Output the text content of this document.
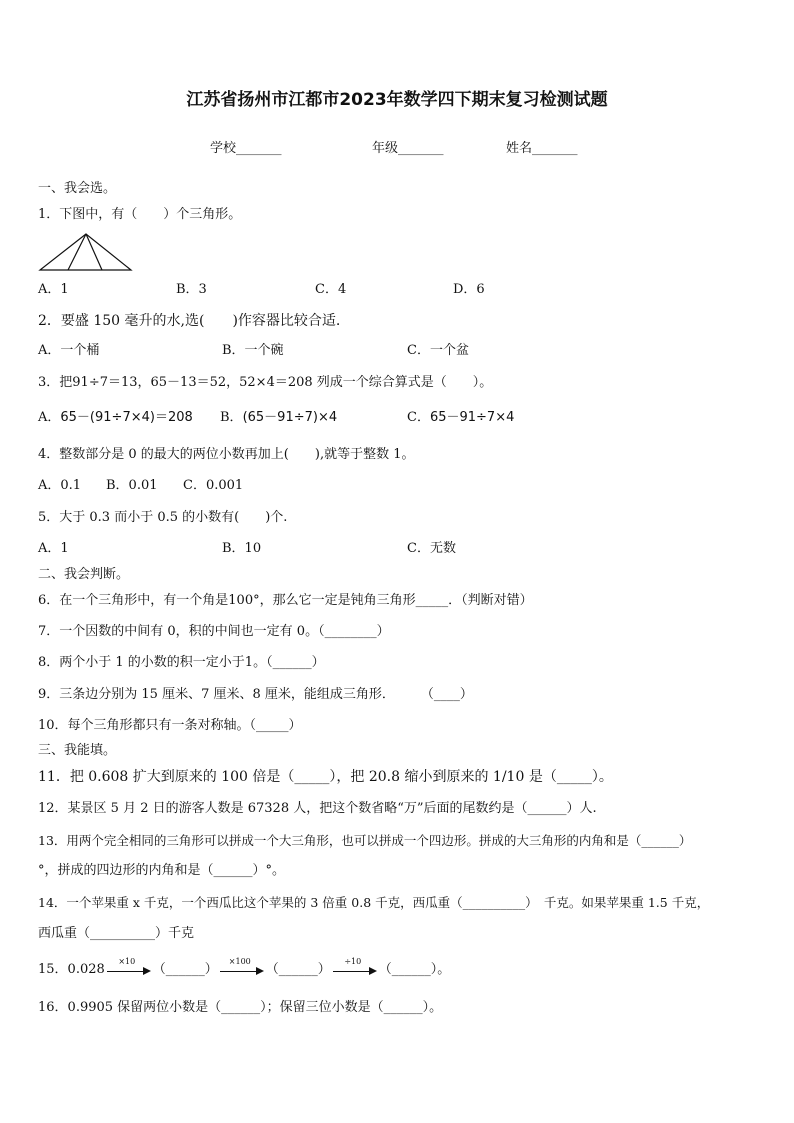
江苏省扬州市江都市2023年数学四下期末复习检测试题
学校_______	年级_______	姓名_______
一、我会选。
1．下图中，有（　　）个三角形。
A．1	B．3	C．4	D．6
2．要盛 150 毫升的水,选(　　)作容器比较合适.
A．一个桶	B．一个碗	C．一个盆
3．把91÷7＝13，65－13＝52，52×4＝208 列成一个综合算式是（　　）。
A．65－(91÷7×4)＝208 B．(65－91÷7)×4	C．65－91÷7×4
4．整数部分是 0 的最大的两位小数再加上(　　),就等于整数 1。
A．0.1 B．0.01 C．0.001
5．大于 0.3 而小于 0.5 的小数有(　　)个.
A．1	B．10	C．无数
二、我会判断。
6．在一个三角形中，有一个角是100°，那么它一定是钝角三角形_____．（判断对错）
7．一个因数的中间有 0，积的中间也一定有 0。（________）
8．两个小于 1 的小数的积一定小于1。（______）
9．三条边分别为 15 厘米、7 厘米、8 厘米，能组成三角形．　　　（____）
10．每个三角形都只有一条对称轴。（_____）
三、我能填。
11．把 0.608 扩大到原来的 100 倍是（_____），把 20.8 缩小到原来的 1/10 是（_____）。
12．某景区 5 月 2 日的游客人数是 67328 人，把这个数省略“万”后面的尾数约是（______）人.
13．用两个完全相同的三角形可以拼成一个大三角形，也可以拼成一个四边形。拼成的大三角形的内角和是（______）
°，拼成的四边形的内角和是（______）°。
14．一个苹果重 x 千克，一个西瓜比这个苹果的 3 倍重 0.8 千克，西瓜重（__________）　千克。如果苹果重 1.5 千克，
西瓜重（__________）千克
15．0.028
×10
（______）
×100
（______）
÷10
（______）。
16．0.9905 保留两位小数是（______）；保留三位小数是（______）。
